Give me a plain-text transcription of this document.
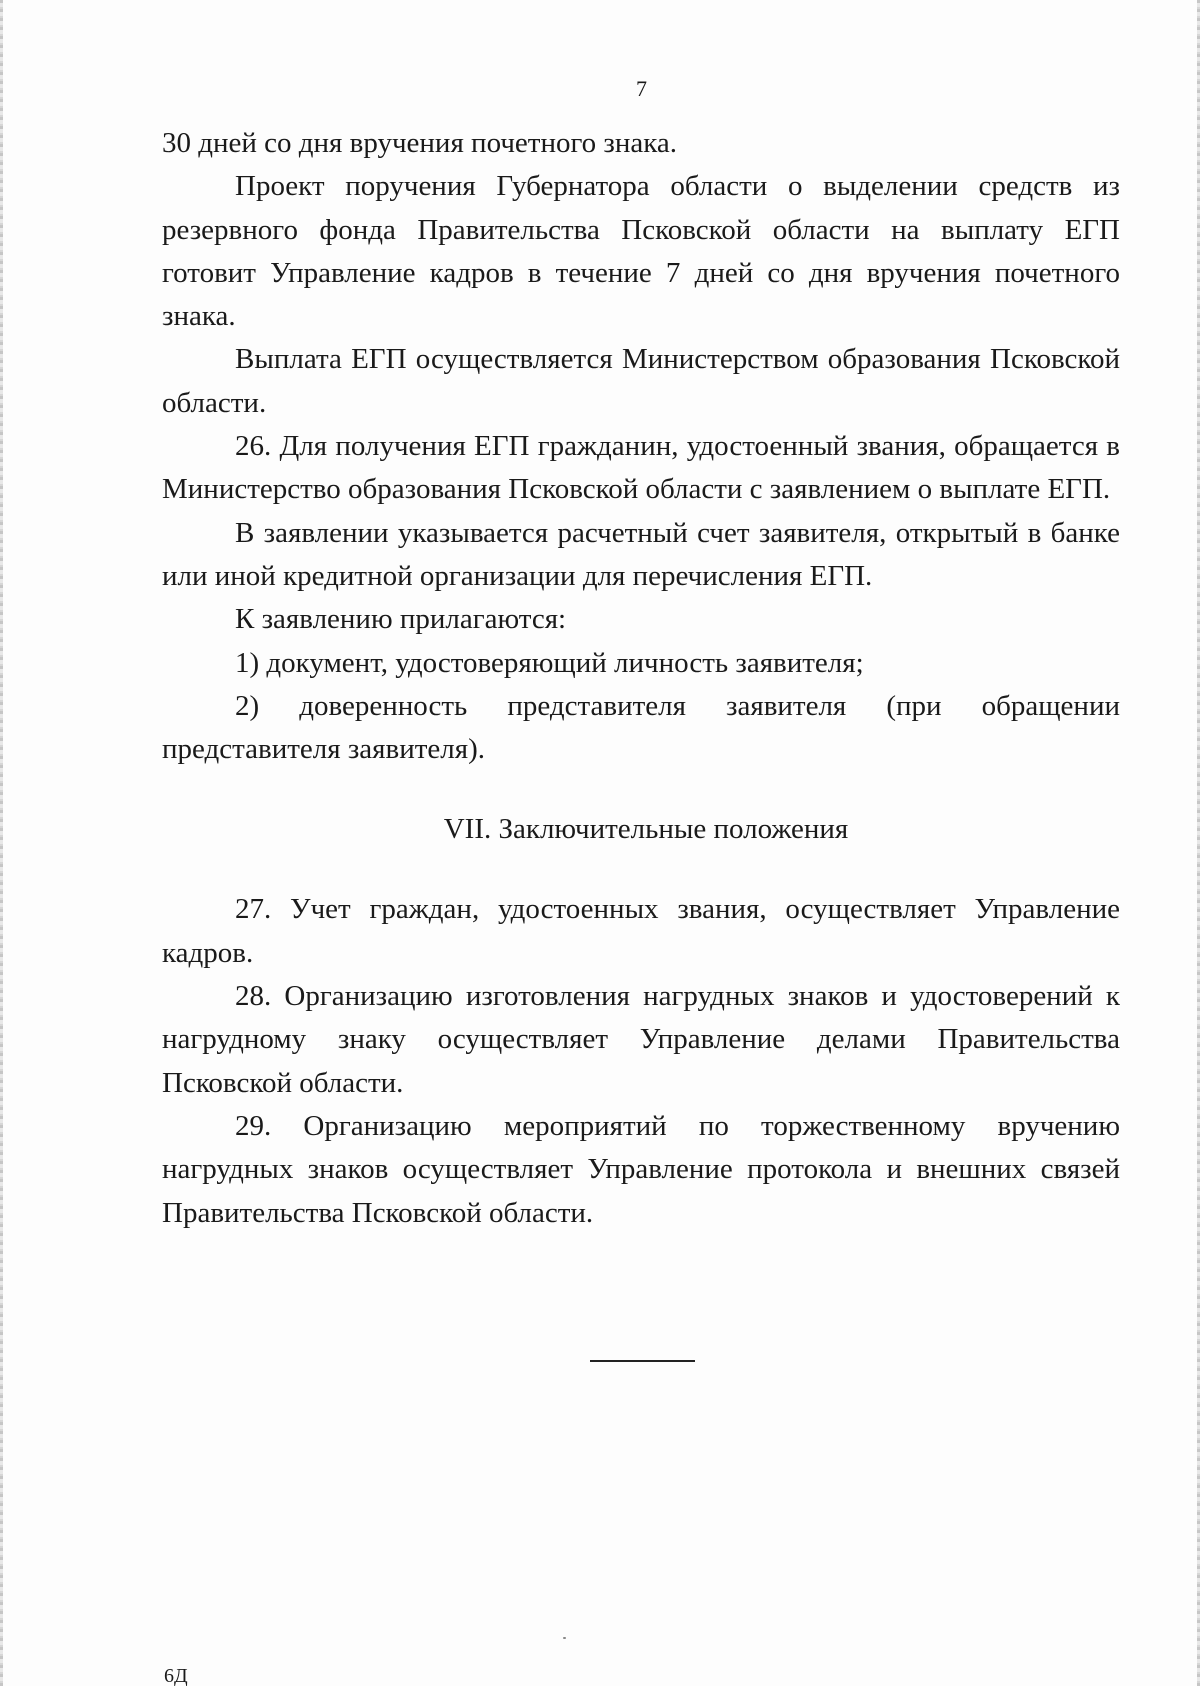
7

30 дней со дня вручения почетного знака.

Проект поручения Губернатора области о выделении средств из резервного фонда Правительства Псковской области на выплату ЕГП готовит Управление кадров в течение 7 дней со дня вручения почетного знака.

Выплата ЕГП осуществляется Министерством образования Псковской области.

26. Для получения ЕГП гражданин, удостоенный звания, обращается в Министерство образования Псковской области с заявлением о выплате ЕГП.

В заявлении указывается расчетный счет заявителя, открытый в банке или иной кредитной организации для перечисления ЕГП.

К заявлению прилагаются:

1) документ, удостоверяющий личность заявителя;

2) доверенность представителя заявителя (при обращении представителя заявителя).

VII. Заключительные положения

27. Учет граждан, удостоенных звания, осуществляет Управление кадров.

28. Организацию изготовления нагрудных знаков и удостоверений к нагрудному знаку осуществляет Управление делами Правительства Псковской области.

29. Организацию мероприятий по торжественному вручению нагрудных знаков осуществляет Управление протокола и внешних связей Правительства Псковской области.

6Д
